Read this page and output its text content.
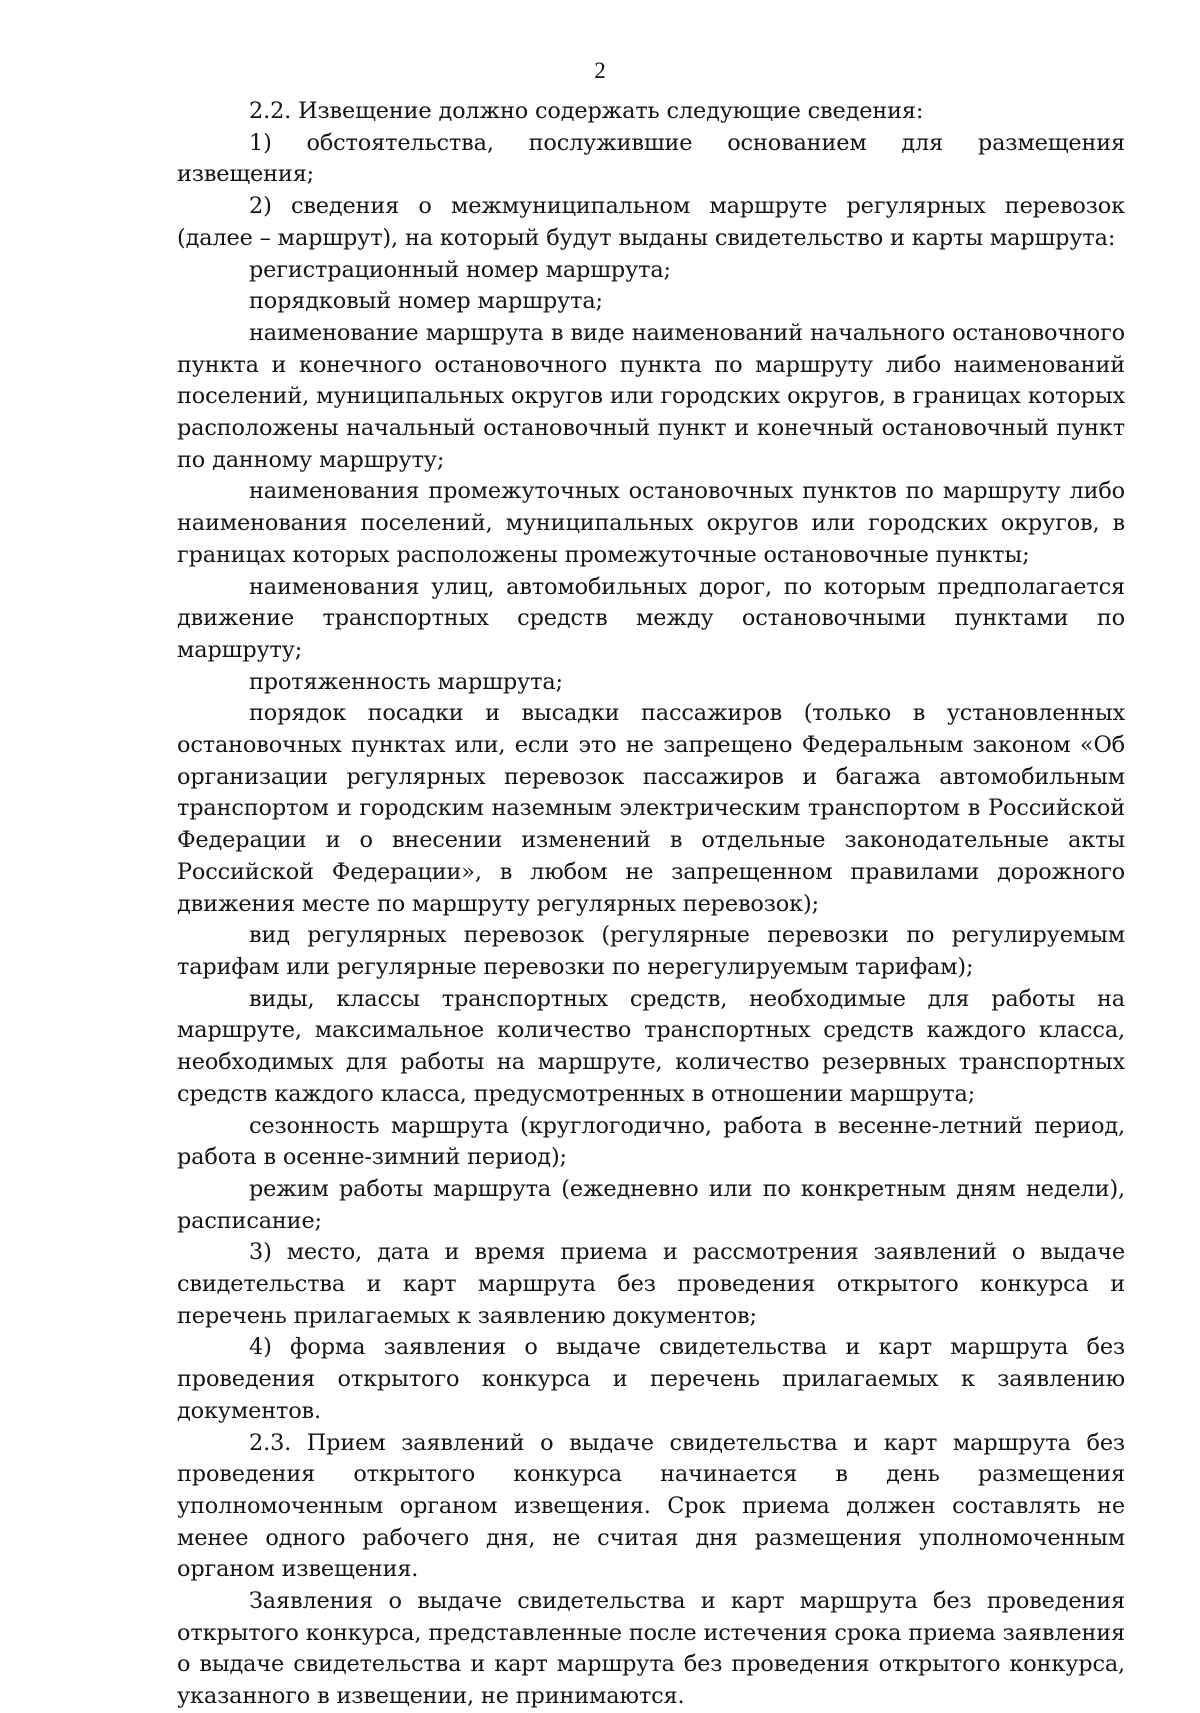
2

2.2. Извещение должно содержать следующие сведения:

1) обстоятельства, послужившие основанием для размещения извещения;

2) сведения о межмуниципальном маршруте регулярных перевозок (далее – маршрут), на который будут выданы свидетельство и карты маршрута:

регистрационный номер маршрута;

порядковый номер маршрута;

наименование маршрута в виде наименований начального остановочного пункта и конечного остановочного пункта по маршруту либо наименований поселений, муниципальных округов или городских округов, в границах которых расположены начальный остановочный пункт и конечный остановочный пункт по данному маршруту;

наименования промежуточных остановочных пунктов по маршруту либо наименования поселений, муниципальных округов или городских округов, в границах которых расположены промежуточные остановочные пункты;

наименования улиц, автомобильных дорог, по которым предполагается движение транспортных средств между остановочными пунктами по маршруту;

протяженность маршрута;

порядок посадки и высадки пассажиров (только в установленных остановочных пунктах или, если это не запрещено Федеральным законом «Об организации регулярных перевозок пассажиров и багажа автомобильным транспортом и городским наземным электрическим транспортом в Российской Федерации и о внесении изменений в отдельные законодательные акты Российской Федерации», в любом не запрещенном правилами дорожного движения месте по маршруту регулярных перевозок);

вид регулярных перевозок (регулярные перевозки по регулируемым тарифам или регулярные перевозки по нерегулируемым тарифам);

виды, классы транспортных средств, необходимые для работы на маршруте, максимальное количество транспортных средств каждого класса, необходимых для работы на маршруте, количество резервных транспортных средств каждого класса, предусмотренных в отношении маршрута;

сезонность маршрута (круглогодично, работа в весенне-летний период, работа в осенне-зимний период);

режим работы маршрута (ежедневно или по конкретным дням недели), расписание;

3) место, дата и время приема и рассмотрения заявлений о выдаче свидетельства и карт маршрута без проведения открытого конкурса и перечень прилагаемых к заявлению документов;

4) форма заявления о выдаче свидетельства и карт маршрута без проведения открытого конкурса и перечень прилагаемых к заявлению документов.

2.3. Прием заявлений о выдаче свидетельства и карт маршрута без проведения открытого конкурса начинается в день размещения уполномоченным органом извещения. Срок приема должен составлять не менее одного рабочего дня, не считая дня размещения уполномоченным органом извещения.

Заявления о выдаче свидетельства и карт маршрута без проведения открытого конкурса, представленные после истечения срока приема заявления о выдаче свидетельства и карт маршрута без проведения открытого конкурса, указанного в извещении, не принимаются.
